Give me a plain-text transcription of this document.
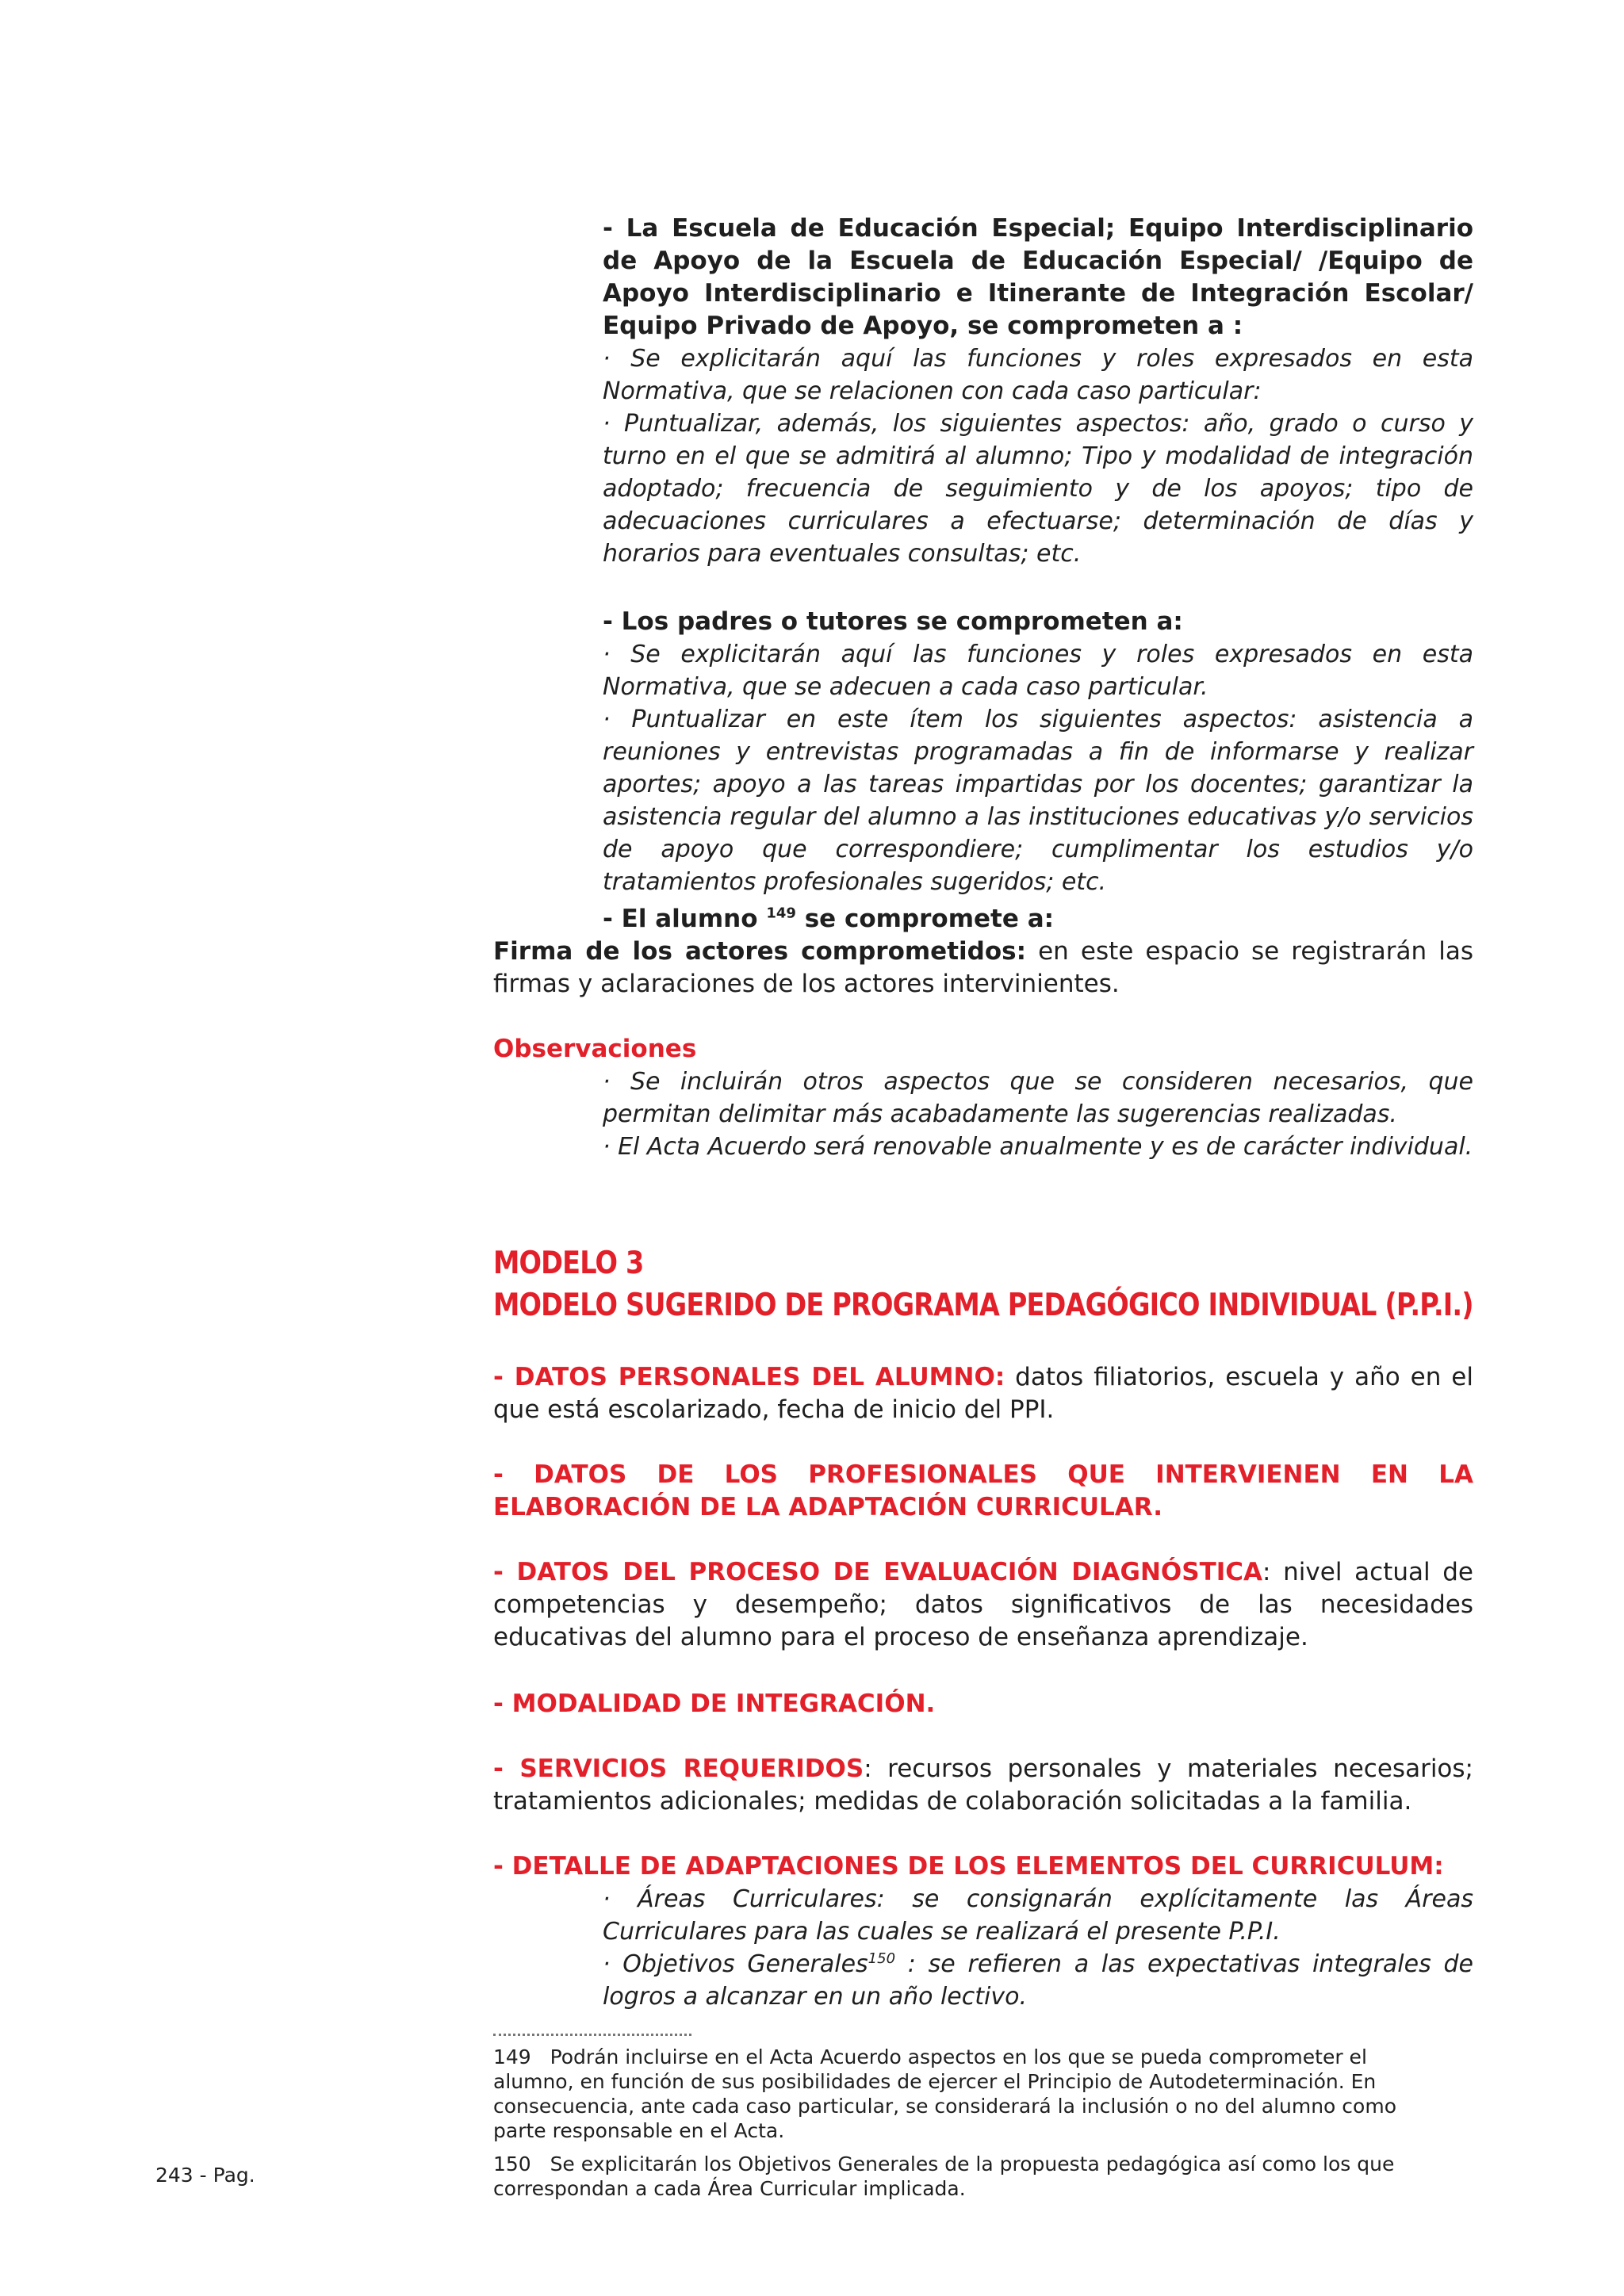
- La Escuela de Educación Especial; Equipo Interdisciplinario de Apoyo de la Escuela de Educación Especial/ /Equipo de Apoyo Interdisciplinario e Itinerante de Integración Escolar/ Equipo Privado de Apoyo, se comprometen a :

· Se explicitarán aquí las funciones y roles expresados en esta Normativa, que se relacionen con cada caso particular:

· Puntualizar, además, los siguientes aspectos: año, grado o curso y turno en el que se admitirá al alumno; Tipo y modalidad de integración adoptado; frecuencia de seguimiento y de los apoyos; tipo de adecuaciones curriculares a efectuarse; determinación de días y horarios para eventuales consultas; etc.

- Los padres o tutores se comprometen a:

· Se explicitarán aquí las funciones y roles expresados en esta Normativa, que se adecuen a cada caso particular.

· Puntualizar en este ítem los siguientes aspectos: asistencia a reuniones y entrevistas programadas a fin de informarse y realizar aportes; apoyo a las tareas impartidas por los docentes; garantizar la asistencia regular del alumno a las instituciones educativas y/o servicios de apoyo que correspondiere; cumplimentar los estudios y/o tratamientos profesionales sugeridos; etc.

- El alumno $^{149}$ se compromete a:

Firma de los actores comprometidos: en este espacio se registrarán las firmas y aclaraciones de los actores intervinientes.

Observaciones

· Se incluirán otros aspectos que se consideren necesarios, que permitan delimitar más acabadamente las sugerencias realizadas.

· El Acta Acuerdo será renovable anualmente y es de carácter individual.

MODELO 3
MODELO SUGERIDO DE PROGRAMA PEDAGÓGICO INDIVIDUAL (P.P.I.)

- DATOS PERSONALES DEL ALUMNO: datos filiatorios, escuela y año en el que está escolarizado, fecha de inicio del PPI.

- DATOS DE LOS PROFESIONALES QUE INTERVIENEN EN LA ELABORACIÓN DE LA ADAPTACIÓN CURRICULAR.

- DATOS DEL PROCESO DE EVALUACIÓN DIAGNÓSTICA: nivel actual de competencias y desempeño; datos significativos de las necesidades educativas del alumno para el proceso de enseñanza aprendizaje.

- MODALIDAD DE INTEGRACIÓN.

- SERVICIOS REQUERIDOS: recursos personales y materiales necesarios; tratamientos adicionales; medidas de colaboración solicitadas a la familia.

- DETALLE DE ADAPTACIONES DE LOS ELEMENTOS DEL CURRICULUM:

· Áreas Curriculares: se consignarán explícitamente las Áreas Curriculares para las cuales se realizará el presente P.P.I.

· Objetivos Generales$^{150}$ : se refieren a las expectativas integrales de logros a alcanzar en un año lectivo.

149 Podrán incluirse en el Acta Acuerdo aspectos en los que se pueda comprometer el alumno, en función de sus posibilidades de ejercer el Principio de Autodeterminación. En consecuencia, ante cada caso particular, se considerará la inclusión o no del alumno como parte responsable en el Acta.

150 Se explicitarán los Objetivos Generales de la propuesta pedagógica así como los que correspondan a cada Área Curricular implicada.

243 - Pag.
